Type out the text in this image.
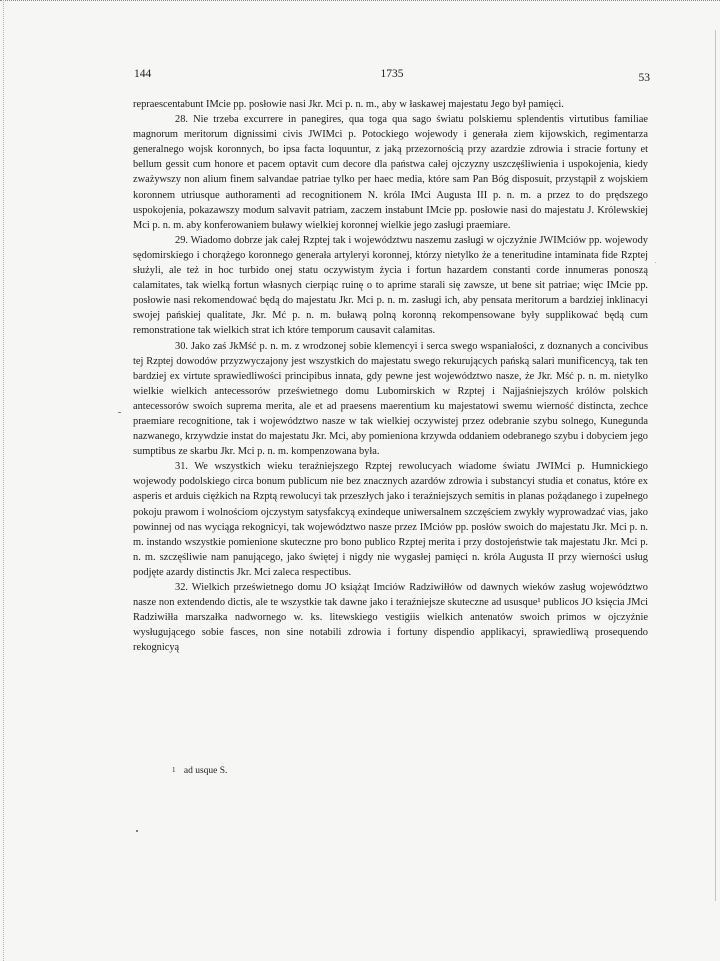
144	1735	53

repraescentabunt IMcie pp. posłowie nasi Jkr. Mci p. n. m., aby w łaskawej majestatu Jego był pamięci.

28. Nie trzeba excurrere in panegires, qua toga qua sago światu polskiemu splendentis virtutibus familiae magnorum meritorum dignissimi civis JWIMci p. Potockiego wojewody i generała ziem kijowskich, regimentarza generalnego wojsk koronnych, bo ipsa facta loquuntur, z jaką przezornością przy azardzie zdrowia i stracie fortuny et bellum gessit cum honore et pacem optavit cum decore dla państwa całej ojczyzny uszczęśliwienia i uspokojenia, kiedy zważywszy non alium finem salvandae patriae tylko per haec media, które sam Pan Bóg disposuit, przystąpił z wojskiem koronnem utriusque authoramenti ad recognitionem N. króla IMci Augusta III p. n. m. a przez to do prędszego uspokojenia, pokazawszy modum salvavit patriam, zaczem instabunt IMcie pp. posłowie nasi do majestatu J. Królewskiej Mci p. n. m. aby konferowaniem buławy wielkiej koronnej wielkie jego zasługi praemiare.

29. Wiadomo dobrze jak całej Rzptej tak i województwu naszemu zasługi w ojczyźnie JWIMciów pp. wojewody sędomirskiego i chorążego koronnego generała artyleryi koronnej, którzy nietylko że a teneritudine intaminata fide Rzptej służyli, ale też in hoc turbido onej statu oczywistym życia i fortun hazardem constanti corde innumeras ponoszą calamitates, tak wielką fortun własnych cierpiąc ruinę o to aprime starali się zawsze, ut bene sit patriae; więc IMcie pp. posłowie nasi rekomendować będą do majestatu Jkr. Mci p. n. m. zasługi ich, aby pensata meritorum a bardziej inklinacyi swojej pańskiej qualitate, Jkr. Mć p. n. m. buławą polną koronną rekompensowane były supplikować będą cum remonstratione tak wielkich strat ich które temporum causavit calamitas.

30. Jako zaś JkMść p. n. m. z wrodzonej sobie klemencyi i serca swego wspaniałości, z doznanych a concivibus tej Rzptej dowodów przyzwyczajony jest wszystkich do majestatu swego rekurujących pańską salari munificencyą, tak ten bardziej ex virtute sprawiedliwości principibus innata, gdy pewne jest województwo nasze, że Jkr. Mść p. n. m. nietylko wielkie wielkich antecessorów prześwietnego domu Lubomirskich w Rzptej i Najjaśniejszych królów polskich antecessorów swoich suprema merita, ale et ad praesens maerentium ku majestatowi swemu wierność distincta, zechce praemiare recognitione, tak i województwo nasze w tak wielkiej oczywistej przez odebranie szybu solnego, Kunegunda nazwanego, krzywdzie instat do majestatu Jkr. Mci, aby pomieniona krzywda oddaniem odebranego szybu i dobyciem jego sumptibus ze skarbu Jkr. Mci p. n. m. kompenzowana była.

31. We wszystkich wieku teraźniejszego Rzptej rewolucyach wiadome światu JWIMci p. Humnickiego wojewody podolskiego circa bonum publicum nie bez znacznych azardów zdrowia i substancyi studia et conatus, które ex asperis et arduis ciężkich na Rzptą rewolucyi tak przeszłych jako i teraźniejszych semitis in planas pożądanego i zupełnego pokoju prawom i wolnościom ojczystym satysfakcyą exindeque uniwersalnem szczęściem zwykły wyprowadzać vias, jako powinnej od nas wyciąga rekognicyi, tak województwo nasze przez IMciów pp. posłów swoich do majestatu Jkr. Mci p. n. m. instando wszystkie pomienione skuteczne pro bono publico Rzptej merita i przy dostojeństwie tak majestatu Jkr. Mci p. n. m. szczęśliwie nam panującego, jako świętej i nigdy nie wygasłej pamięci n. króla Augusta II przy wierności usług podjęte azardy distinctis Jkr. Mci zaleca respectibus.

32. Wielkich prześwietnego domu JO książąt Imciów Radziwiłłów od dawnych wieków zasług województwo nasze non extendendo dictis, ale te wszystkie tak dawne jako i teraźniejsze skuteczne ad ususque¹ publicos JO księcia JMci Radziwiłła marszałka nadwornego w. ks. litewskiego vestigiis wielkich antenatów swoich primos w ojczyźnie wysługującego sobie fasces, non sine notabili zdrowia i fortuny dispendio applikacyi, sprawiedliwą prosequendo rekognicyą

$^1$ ad usque S.
